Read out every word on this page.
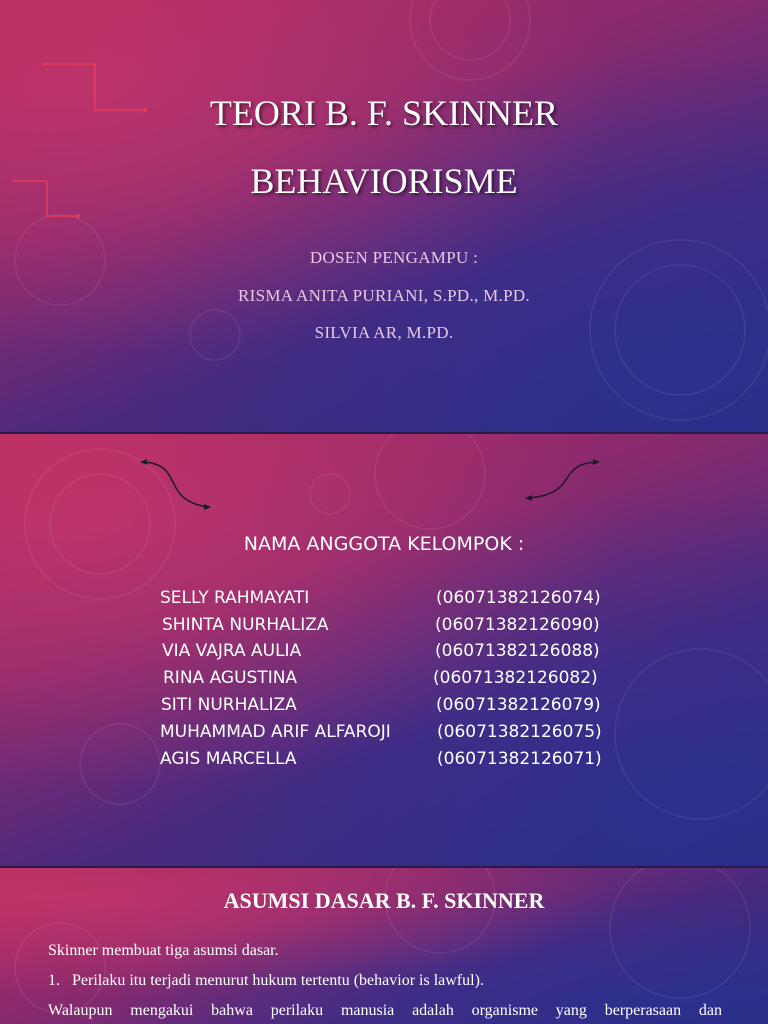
TEORI B. F. SKINNER
BEHAVIORISME
DOSEN PENGAMPU :
RISMA ANITA PURIANI, S.PD., M.PD.
SILVIA AR, M.PD.
NAMA ANGGOTA KELOMPOK :
SELLY RAHMAYATI	(06071382126074)
SHINTA NURHALIZA	(06071382126090)
VIA VAJRA AULIA	(06071382126088)
RINA AGUSTINA	(06071382126082)
SITI NURHALIZA	(06071382126079)
MUHAMMAD ARIF ALFAROJI	(06071382126075)
AGIS MARCELLA	(06071382126071)
ASUMSI DASAR B. F. SKINNER

Skinner membuat tiga asumsi dasar.

1.   Perilaku itu terjadi menurut hukum tertentu (behavior is lawful).

Walaupun mengakui bahwa perilaku manusia adalah organisme yang berperasaan dan
